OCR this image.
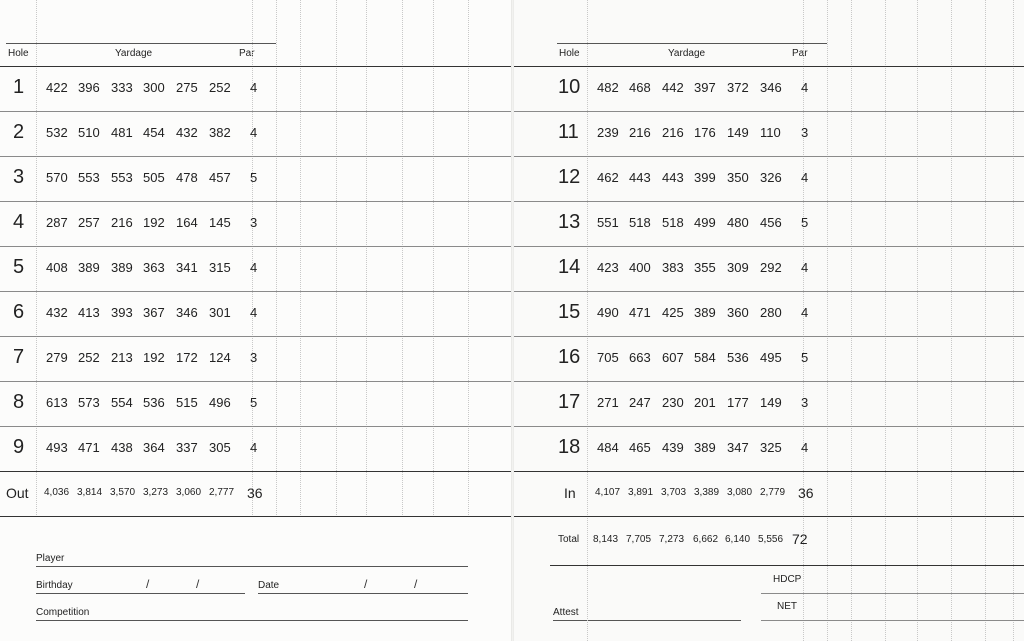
Hole	Yardage	Par
Player
Birthday	/	/	Date	/	/
Competition
1 422 396 333 300 275 252 4
2 532 510 481 454 432 382 4
3 570 553 553 505 478 457 5
4 287 257 216 192 164 145 3
5 408 389 389 363 341 315 4
6 432 413 393 367 346 301 4
7 279 252 213 192 172 124 3
8 613 573 554 536 515 496 5
9 493 471 438 364 337 305 4
Out 4,036 3,814 3,570 3,273 3,060 2,777 36
Hole	Yardage	Par
Attest
HDCP
NET
10 482 468 442 397 372 346 4
11 239 216 216 176 149 110 3
12 462 443 443 399 350 326 4
13 551 518 518 499 480 456 5
14 423 400 383 355 309 292 4
15 490 471 425 389 360 280 4
16 705 663 607 584 536 495 5
17 271 247 230 201 177 149 3
18 484 465 439 389 347 325 4
In 4,107 3,891 3,703 3,389 3,080 2,779 36
Total 8,143 7,705 7,273 6,662 6,140 5,556 72
